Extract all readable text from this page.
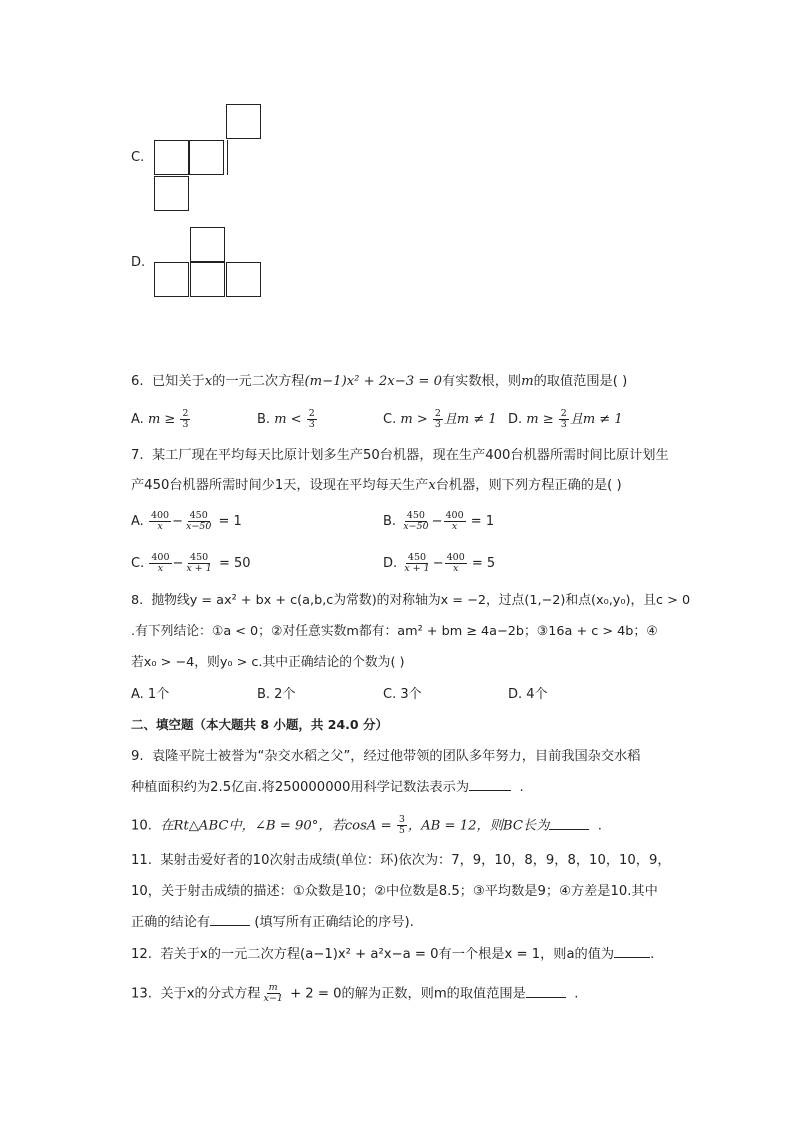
C.
D.
6. 已知关于x的一元二次方程(m−1)x² + 2x−3 = 0有实数根，则m的取值范围是( )
A. $m \ge \frac{2}{3}$	B. $m < \frac{2}{3}$	C. $m > \frac{2}{3}$ 且m ≠ 1 D. $m \ge \frac{2}{3}$ 且m ≠ 1
7. 某工厂现在平均每天比原计划多生产50台机器，现在生产400台机器所需时间比原计划生
产450台机器所需时间少1天，设现在平均每天生产x台机器，则下列方程正确的是( )
A. $\frac{400}{x} - \frac{450}{x-50} = 1$	B. $\frac{450}{x-50} - \frac{400}{x} = 1$
C. $\frac{400}{x} - \frac{450}{x + 1} = 50$	D. $\frac{450}{x + 1} - \frac{400}{x} = 5$
8. 抛物线y = ax² + bx + c(a,b,c为常数)的对称轴为x = −2，过点(1,−2)和点(x₀,y₀)，且c > 0
.有下列结论：①a < 0；②对任意实数m都有：am² + bm ≥ 4a−2b；③16a + c > 4b；④
若x₀ > −4，则y₀ > c.其中正确结论的个数为( )
A. 1个	B. 2个	C. 3个	D. 4个
二、填空题（本大题共 8 小题，共 24.0 分）
9. 袁隆平院士被誉为“杂交水稻之父”，经过他带领的团队多年努力，目前我国杂交水稻
种植面积约为2.5亿亩.将250000000用科学记数法表示为	.
10. 在Rt△ABC中，∠B = 90°，若$\cos A = \frac{3}{5}$ ，AB = 12，则BC长为	.
11. 某射击爱好者的10次射击成绩(单位：环)依次为：7，9，10，8，9，8，10，10，9，
10，关于射击成绩的描述：①众数是10；②中位数是8.5；③平均数是9；④方差是10.其中
正确的结论有	(填写所有正确结论的序号).
12. 若关于x的一元二次方程(a−1)x² + a²x−a = 0有一个根是x = 1，则a的值为	.
13. 关于x的分式方程 $\frac{m}{x-1} + 2 = 0$的解为正数，则m的取值范围是	.
